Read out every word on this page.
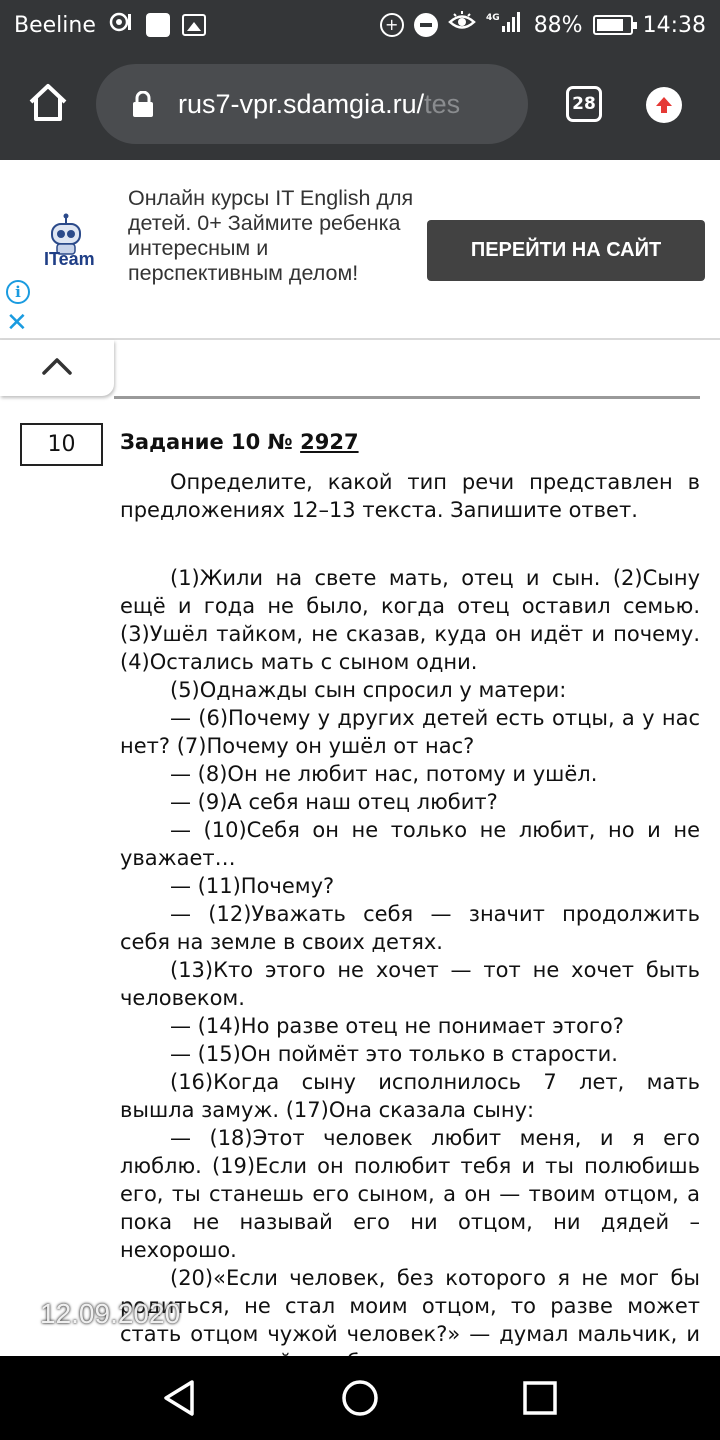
Beeline	+	4G 88%	14:38
rus7-vpr.sdamgia.ru/tes	28
ITeam
Онлайн курсы IT English для детей. 0+ Займите ребенка интересным и перспективным делом!
ПЕРЕЙТИ НА САЙТ
i
✕
10	Задание 10 № 2927

Определите, какой тип речи представлен в предложениях 12–13 текста. Запишите ответ.

(1)Жили на свете мать, отец и сын. (2)Сыну ещё и года не было, когда отец оставил семью. (3)Ушёл тайком, не сказав, куда он идёт и почему. (4)Остались мать с сыном одни.

(5)Однажды сын спросил у матери:

— (6)Почему у других детей есть отцы, а у нас нет? (7)Почему он ушёл от нас?

— (8)Он не любит нас, потому и ушёл.

— (9)А себя наш отец любит?

— (10)Себя он не только не любит, но и не уважает…

— (11)Почему?

— (12)Уважать себя — значит продолжить себя на земле в своих детях.

(13)Кто этого не хочет — тот не хочет быть человеком.

— (14)Но разве отец не понимает этого?

— (15)Он поймёт это только в старости.

(16)Когда сыну исполнилось 7 лет, мать вышла замуж. (17)Она сказала сыну:

— (18)Этот человек любит меня, и я его люблю. (19)Если он полюбит тебя и ты полюбишь его, ты станешь его сыном, а он — твоим отцом, а пока не называй его ни отцом, ни дядей – нехорошо.

(20)«Если человек, без которого я не мог бы родиться, не стал моим отцом, то разве может стать отцом чужой человек?» — думал мальчик, и

12.09.2020
